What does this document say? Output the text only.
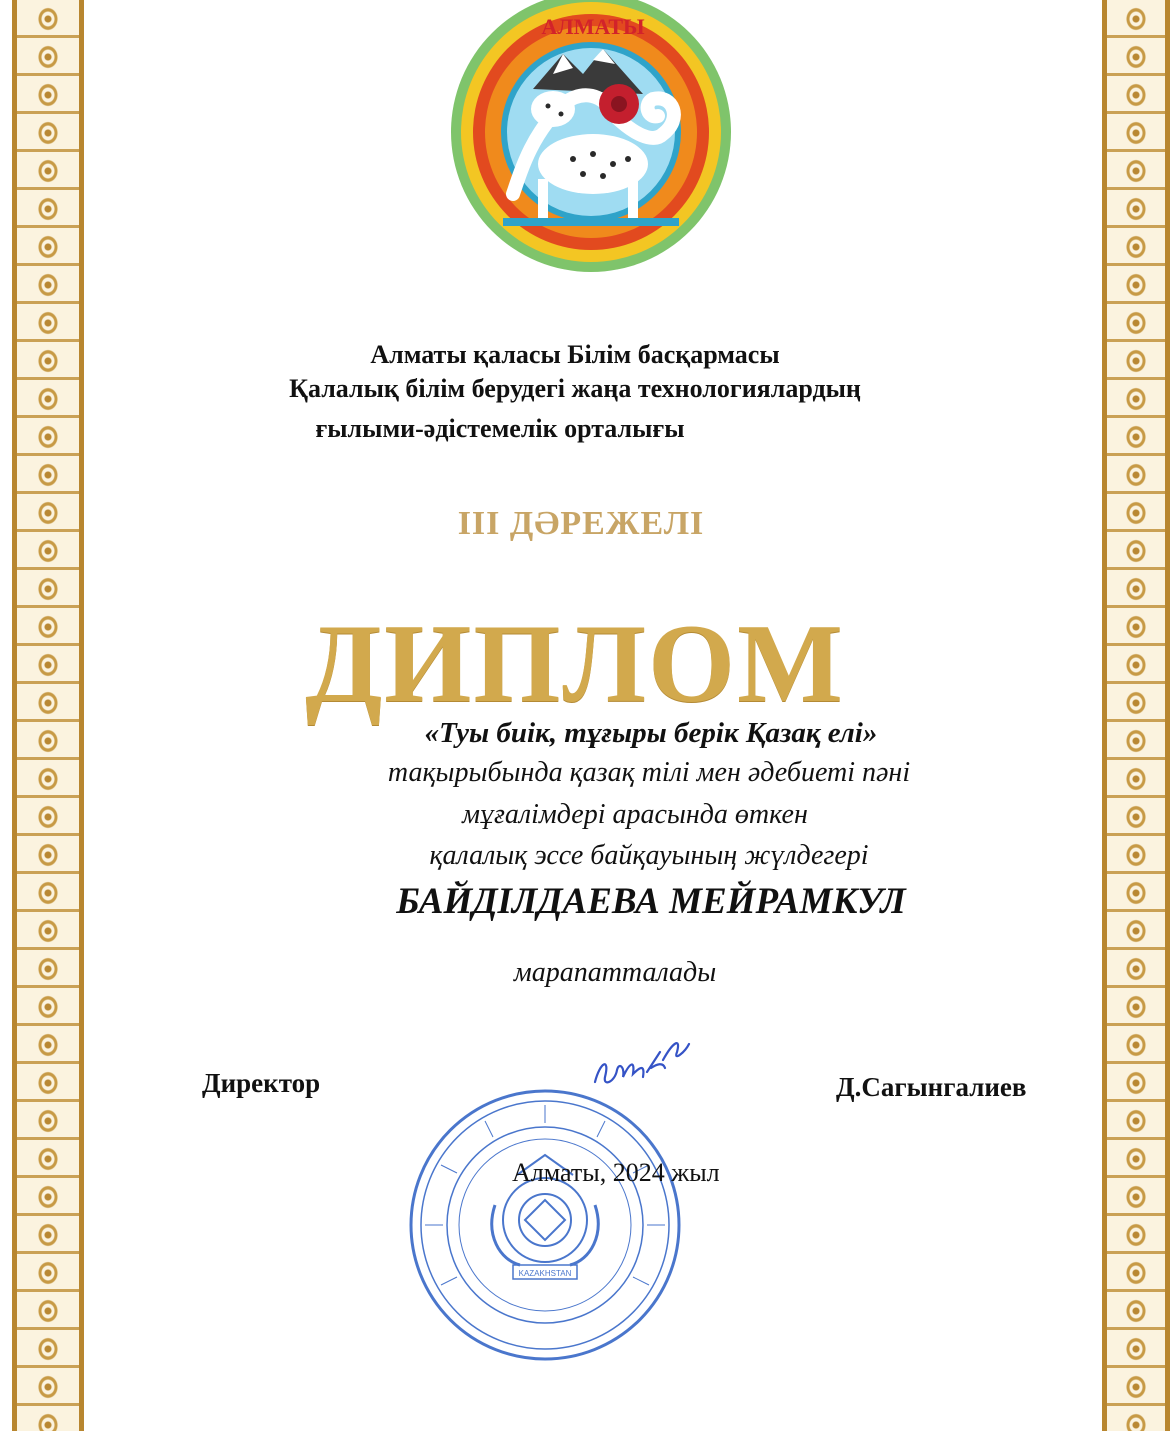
АЛМАТЫ
Алматы қаласы Білім басқармасы
Қалалық білім берудегі жаңа технологиялардың
ғылыми-әдістемелік орталығы
ІІІ ДӘРЕЖЕЛІ
ДИПЛОМ
«Туы биік, тұғыры берік Қазақ елі»
тақырыбында қазақ тілі мен әдебиеті пәні
мұғалімдері арасында өткен
қалалық эссе байқауының жүлдегері
БАЙДІЛДАЕВА МЕЙРАМКУЛ
марапатталады
Директор	Д.Сагынгалиев
KAZAKHSTAN
Алматы, 2024 жыл
